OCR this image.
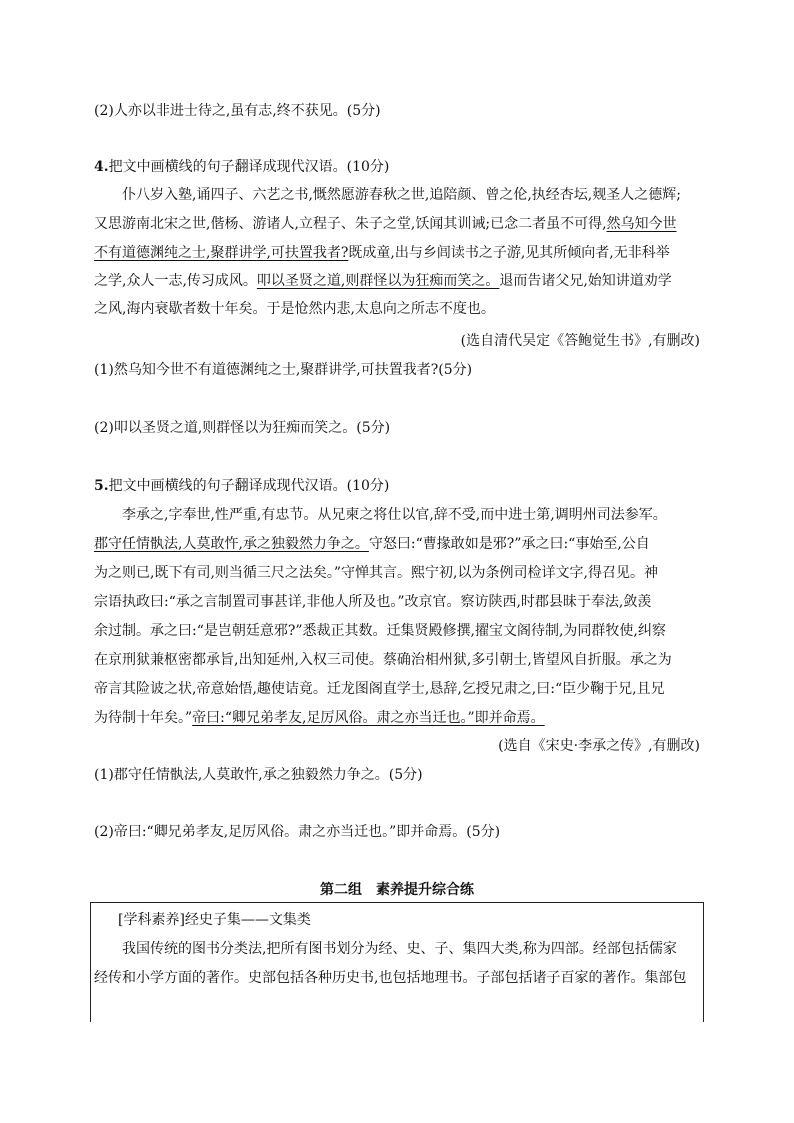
(2)人亦以非进士待之,虽有志,终不获见。(5分)
4.把文中画横线的句子翻译成现代汉语。(10分)
仆八岁入塾,诵四子、六艺之书,慨然愿游春秋之世,追陪颜、曾之伦,执经杏坛,觌圣人之德辉;
又思游南北宋之世,偕杨、游诸人,立程子、朱子之堂,饫闻其训诫;已念二者虽不可得,然乌知今世
不有道德渊纯之士,聚群讲学,可扶置我者?既成童,出与乡闾读书之子游,见其所倾向者,无非科举
之学,众人一志,传习成风。叩以圣贤之道,则群怪以为狂痴而笑之。退而告诸父兄,始知讲道劝学
之风,海内衰歇者数十年矣。于是怆然内悲,太息向之所志不度也。
(选自清代吴定《答鲍觉生书》,有删改)
(1)然乌知今世不有道德渊纯之士,聚群讲学,可扶置我者?(5分)
(2)叩以圣贤之道,则群怪以为狂痴而笑之。(5分)
5.把文中画横线的句子翻译成现代汉语。(10分)
李承之,字奉世,性严重,有忠节。从兄柬之将仕以官,辞不受,而中进士第,调明州司法参军。
郡守任情骫法,人莫敢忤,承之独毅然力争之。守怒曰:“曹掾敢如是邪?”承之曰:“事始至,公自
为之则已,既下有司,则当循三尺之法矣。”守惮其言。熙宁初,以为条例司检详文字,得召见。神
宗语执政曰:“承之言制置司事甚详,非他人所及也。”改京官。察访陕西,时郡县昧于奉法,敛羡
余过制。承之曰:“是岂朝廷意邪?”悉裁正其数。迁集贤殿修撰,擢宝文阁待制,为同群牧使,纠察
在京刑狱兼枢密都承旨,出知延州,入权三司使。蔡确治相州狱,多引朝士,皆望风自折服。承之为
帝言其险诐之状,帝意始悟,趣使诘竟。迁龙图阁直学士,恳辞,乞授兄肃之,曰:“臣少鞠于兄,且兄
为待制十年矣。”帝曰:“卿兄弟孝友,足厉风俗。肃之亦当迁也。”即并命焉。
(选自《宋史·李承之传》,有删改)
(1)郡守任情骫法,人莫敢忤,承之独毅然力争之。(5分)
(2)帝曰:“卿兄弟孝友,足厉风俗。肃之亦当迁也。”即并命焉。(5分)
第二组　素养提升综合练
[学科素养]经史子集——文集类
我国传统的图书分类法,把所有图书划分为经、史、子、集四大类,称为四部。经部包括儒家
经传和小学方面的著作。史部包括各种历史书,也包括地理书。子部包括诸子百家的著作。集部包
